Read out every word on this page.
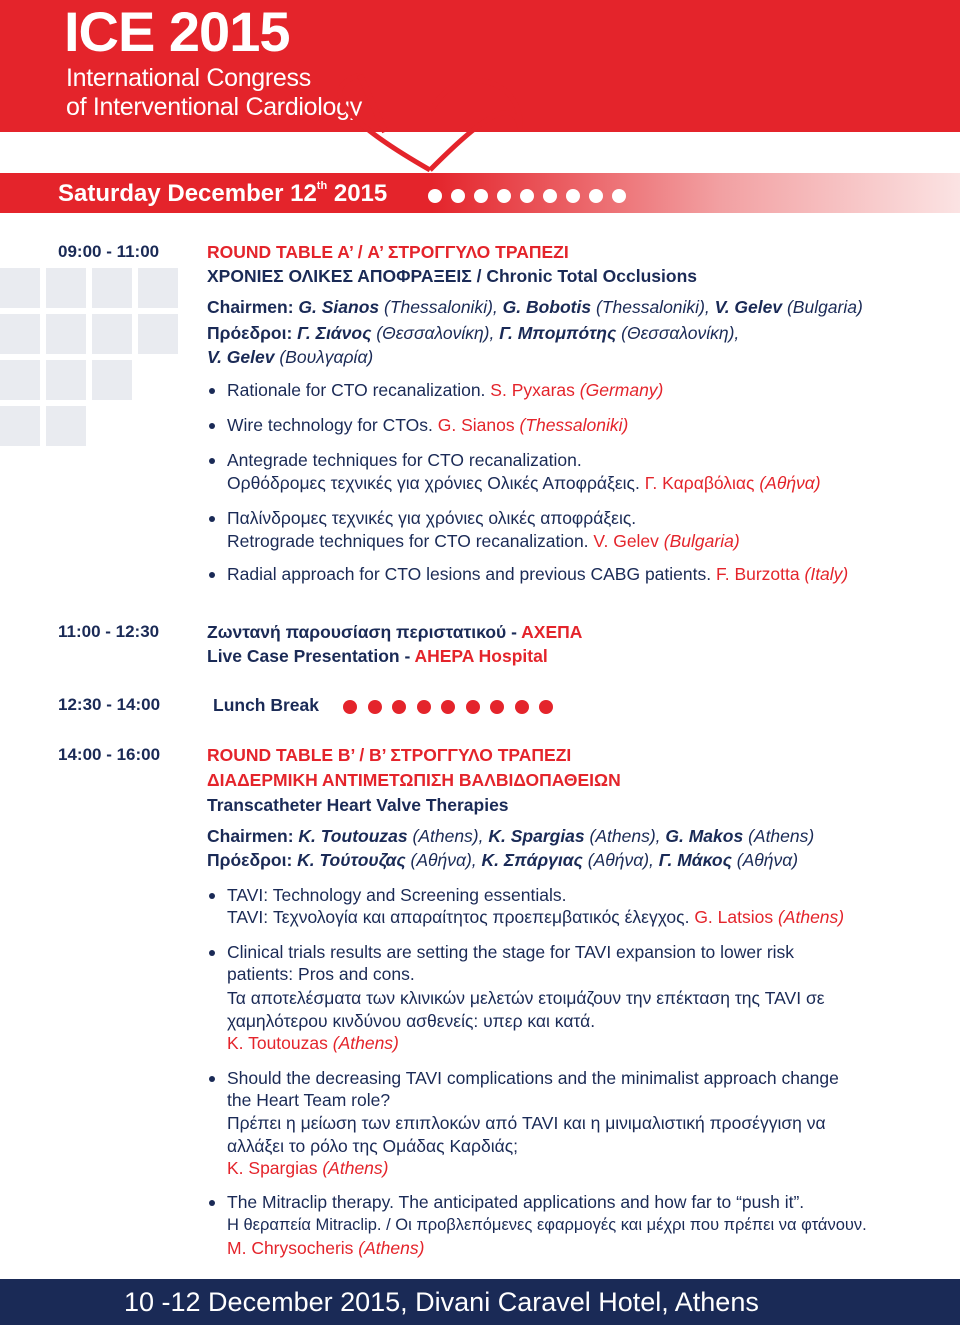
ICE 2015
International Congress
of Interventional Cardiology
Saturday December 12th 2015
09:00 - 11:00	ROUND TABLE A’ / Α’ ΣΤΡΟΓΓΥΛΟ ΤΡΑΠΕΖΙ
ΧΡΟΝΙΕΣ ΟΛΙΚΕΣ ΑΠΟΦΡΑΞΕΙΣ / Chronic Total Occlusions
Chairmen: G. Sianos (Thessaloniki), G. Bobotis (Thessaloniki), V. Gelev (Bulgaria)
Πρόεδροι: Γ. Σιάνος (Θεσσαλονίκη), Γ. Μπομπότης (Θεσσαλονίκη),
V. Gelev (Βουλγαρία)
Rationale for CTO recanalization. S. Pyxaras (Germany)
Wire technology for CTOs. G. Sianos (Thessaloniki)
Antegrade techniques for CTO recanalization.
Ορθόδρομες τεχνικές για χρόνιες Ολικές Αποφράξεις. Γ. Καραβόλιας (Αθήνα)
Παλίνδρομες τεχνικές για χρόνιες ολικές αποφράξεις.
Retrograde techniques for CTO recanalization. V. Gelev (Bulgaria)
Radial approach for CTO lesions and previous CABG patients. F. Burzotta (Italy)
11:00 - 12:30	Ζωντανή παρουσίαση περιστατικού - ΑΧΕΠΑ
Live Case Presentation - AHEPA Hospital
12:30 - 14:00	Lunch Break
14:00 - 16:00	ROUND TABLE B’ / Β’ ΣΤΡΟΓΓΥΛΟ ΤΡΑΠΕΖΙ
ΔΙΑΔΕΡΜΙΚΗ ΑΝΤΙΜΕΤΩΠΙΣΗ ΒΑΛΒΙΔΟΠΑΘΕΙΩΝ
Transcatheter Heart Valve Therapies
Chairmen: K. Toutouzas (Athens), K. Spargias (Athens), G. Makos (Athens)
Πρόεδροι: Κ. Τούτουζας (Αθήνα), Κ. Σπάργιας (Αθήνα), Γ. Μάκος (Αθήνα)
TAVI: Technology and Screening essentials.
TAVI: Τεχνολογία και απαραίτητος προεπεμβατικός έλεγχος. G. Latsios (Athens)
Clinical trials results are setting the stage for TAVI expansion to lower risk
patients: Pros and cons.
Τα αποτελέσματα των κλινικών μελετών ετοιμάζουν την επέκταση της TAVI σε
χαμηλότερου κινδύνου ασθενείς: υπερ και κατά.
K. Toutouzas (Athens)
Should the decreasing TAVI complications and the minimalist approach change
the Heart Team role?
Πρέπει η μείωση των επιπλοκών από TAVI και η μινιμαλιστική προσέγγιση να
αλλάξει το ρόλο της Ομάδας Καρδιάς;
K. Spargias (Athens)
The Mitraclip therapy. The anticipated applications and how far to “push it”.
Η θεραπεία Mitraclip. / Οι προβλεπόμενες εφαρμογές και μέχρι που πρέπει να φτάνουν.
M. Chrysocheris (Athens)
10 -12 December 2015, Divani Caravel Hotel, Athens
